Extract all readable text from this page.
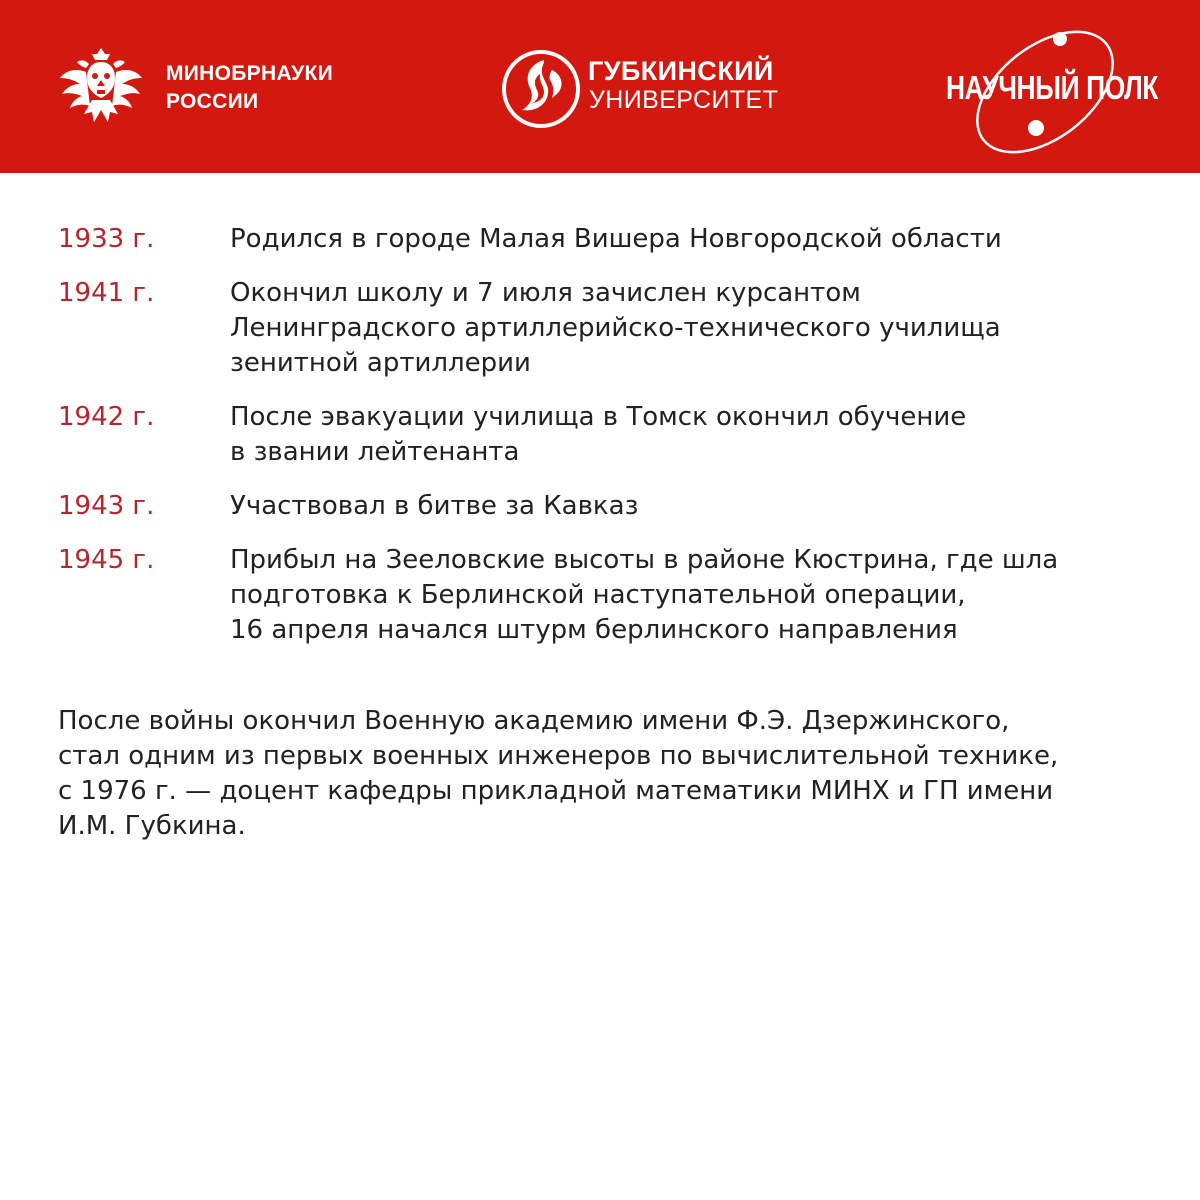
МИНОБРНАУКИ
РОССИИ
ГУБКИНСКИЙ
УНИВЕРСИТЕТ	НАУЧНЫЙ ПОЛК
1933 г.	Родился в городе Малая Вишера Новгородской области
1941 г.	Окончил школу и 7 июля зачислен курсантом
Ленинградского артиллерийско-технического училища
зенитной артиллерии
1942 г.	После эвакуации училища в Томск окончил обучение
в звании лейтенанта
1943 г.	Участвовал в битве за Кавказ
1945 г.	Прибыл на Зееловские высоты в районе Кюстрина, где шла
подготовка к Берлинской наступательной операции,
16 апреля начался штурм берлинского направления

После войны окончил Военную академию имени Ф.Э. Дзержинского,
стал одним из первых военных инженеров по вычислительной технике,
с 1976 г. — доцент кафедры прикладной математики МИНХ и ГП имени
И.М. Губкина.
